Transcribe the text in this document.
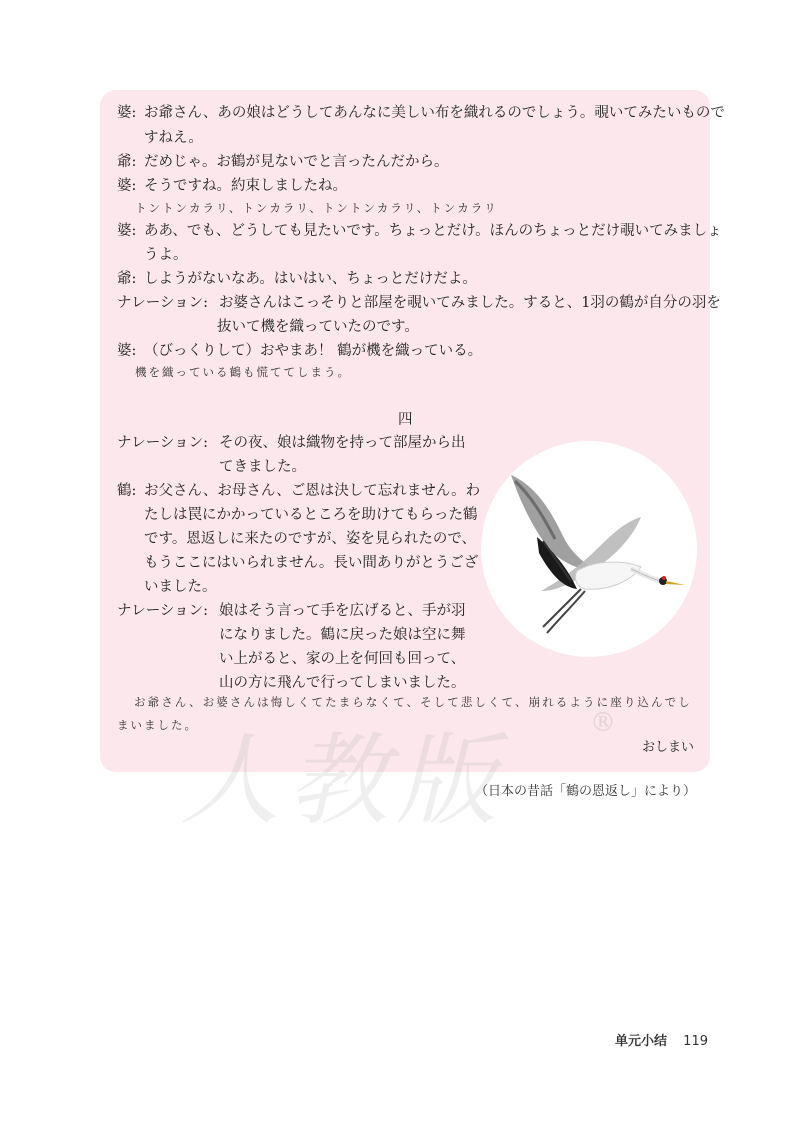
婆: お爺さん、あの娘はどうしてあんなに美しい布を織れるのでしょう。覗いてみたいもので
すねえ。
爺: だめじゃ。お鶴が見ないでと言ったんだから。
婆: そうですね。約束しましたね。
トントンカラリ、トンカラリ、トントンカラリ、トンカラリ
婆: ああ、でも、どうしても見たいです。ちょっとだけ。ほんのちょっとだけ覗いてみましょ
うよ。
爺: しようがないなあ。はいはい、ちょっとだけだよ。
ナレーション: お婆さんはこっそりと部屋を覗いてみました。すると、1羽の鶴が自分の羽を
抜いて機を織っていたのです。
婆: （びっくりして）おやまあ！ 鶴が機を織っている。
機を織っている鶴も慌ててしまう。
四
ナレーション: その夜、娘は織物を持って部屋から出
てきました。
鶴: お父さん、お母さん、ご恩は決して忘れません。わ
たしは罠にかかっているところを助けてもらった鶴
です。恩返しに来たのですが、姿を見られたので、
もうここにはいられません。長い間ありがとうござ
いました。
ナレーション: 娘はそう言って手を広げると、手が羽
になりました。鶴に戻った娘は空に舞
い上がると、家の上を何回も回って、
山の方に飛んで行ってしまいました。
お爺さん、お婆さんは悔しくてたまらなくて、そして悲しくて、崩れるように座り込んでし
まいました。
おしまい
人教版	®
（日本の昔話「鶴の恩返し」により）
单元小结 119
